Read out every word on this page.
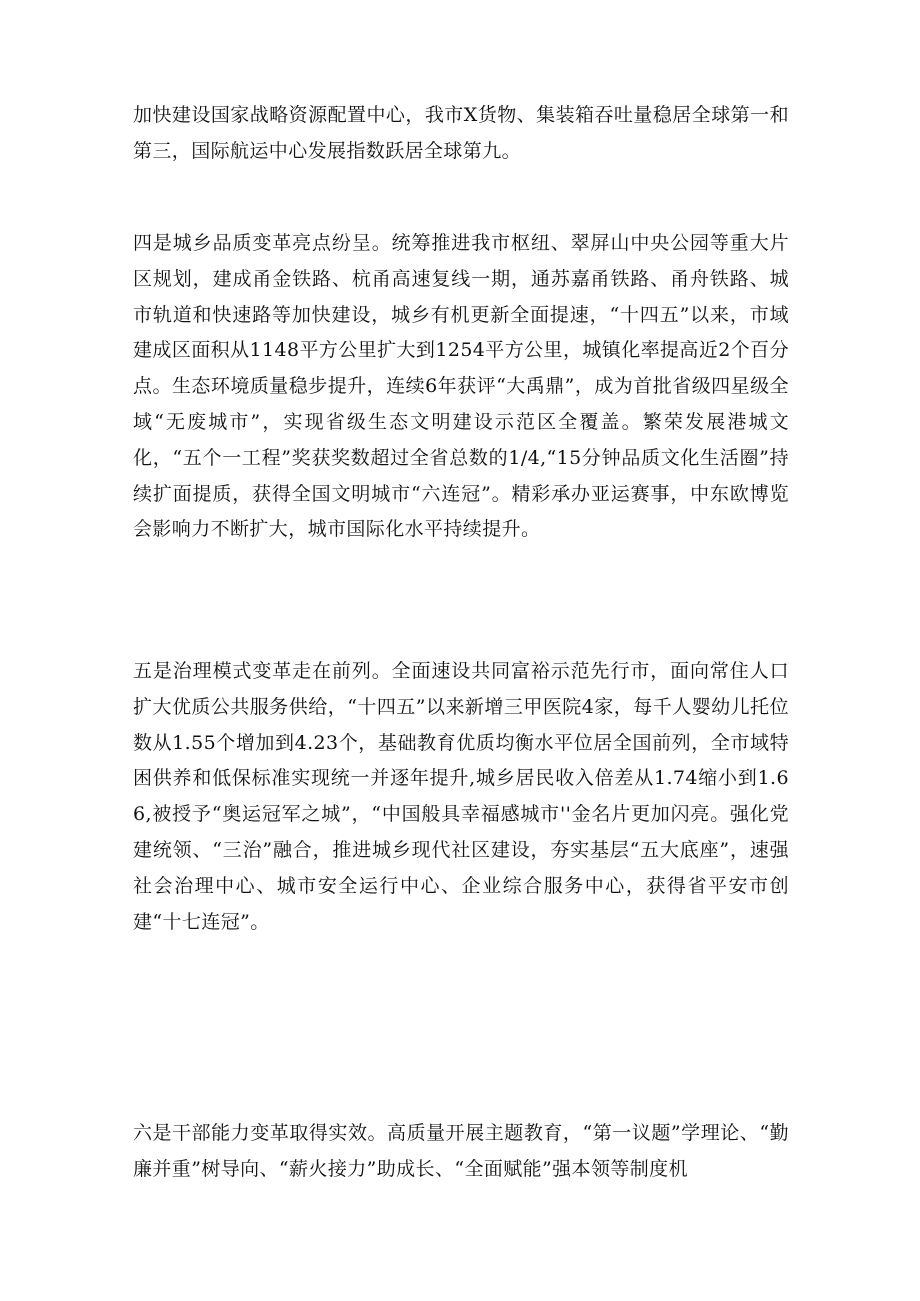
加快建设国家战略资源配置中心，我市X货物、集装箱吞吐量稳居全球第一和第三，国际航运中心发展指数跃居全球第九。

四是城乡品质变革亮点纷呈。统筹推进我市枢纽、翠屏山中央公园等重大片区规划，建成甬金铁路、杭甬高速复线一期，通苏嘉甬铁路、甬舟铁路、城市轨道和快速路等加快建设，城乡有机更新全面提速，“十四五”以来，市域建成区面积从1148平方公里扩大到1254平方公里，城镇化率提高近2个百分点。生态环境质量稳步提升，连续6年获评“大禹鼎”，成为首批省级四星级全域“无废城市”，实现省级生态文明建设示范区全覆盖。繁荣发展港城文化，“五个一工程”奖获奖数超过全省总数的1/4,“15分钟品质文化生活圈”持续扩面提质，获得全国文明城市“六连冠”。精彩承办亚运赛事，中东欧博览会影响力不断扩大，城市国际化水平持续提升。

五是治理模式变革走在前列。全面速设共同富裕示范先行市，面向常住人口扩大优质公共服务供给，“十四五”以来新增三甲医院4家，每千人婴幼儿托位数从1.55个增加到4.23个，基础教育优质均衡水平位居全国前列，全市域特困供养和低保标准实现统一并逐年提升,城乡居民收入倍差从1.74缩小到1.66,被授予“奥运冠军之城”，“中国般具幸福感城市''金名片更加闪亮。强化党建统领、“三治”融合，推进城乡现代社区建设，夯实基层“五大底座”，速强社会治理中心、城市安全运行中心、企业综合服务中心，获得省平安市创建“十七连冠”。

六是干部能力变革取得实效。高质量开展主题教育，“第一议题”学理论、“勤廉并重”树导向、“薪火接力”助成长、“全面赋能”强本领等制度机
